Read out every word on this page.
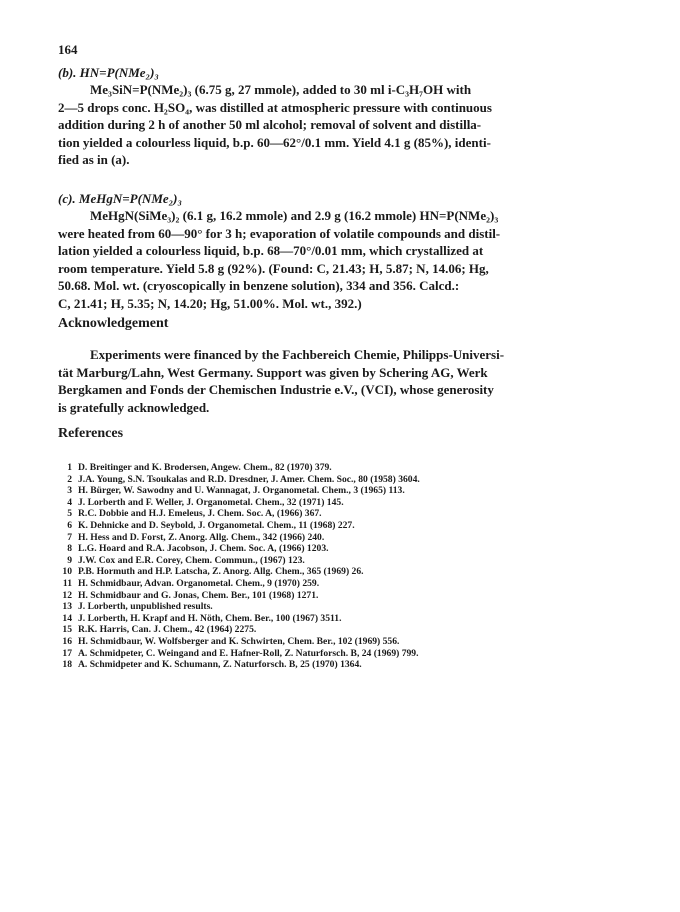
164
(b). HN=P(NMe₂)₃
Me₃SiN=P(NMe₂)₃ (6.75 g, 27 mmole), added to 30 ml i-C₃H₇OH with
2—5 drops conc. H₂SO₄, was distilled at atmospheric pressure with continuous
addition during 2 h of another 50 ml alcohol; removal of solvent and distilla-
tion yielded a colourless liquid, b.p. 60—62°/0.1 mm. Yield 4.1 g (85%), identi-
fied as in (a).
(c). MeHgN=P(NMe₂)₃
MeHgN(SiMe₃)₂ (6.1 g, 16.2 mmole) and 2.9 g (16.2 mmole) HN=P(NMe₂)₃
were heated from 60—90° for 3 h; evaporation of volatile compounds and distil-
lation yielded a colourless liquid, b.p. 68—70°/0.01 mm, which crystallized at
room temperature. Yield 5.8 g (92%). (Found: C, 21.43; H, 5.87; N, 14.06; Hg,
50.68. Mol. wt. (cryoscopically in benzene solution), 334 and 356. Calcd.:
C, 21.41; H, 5.35; N, 14.20; Hg, 51.00%. Mol. wt., 392.)
Acknowledgement
Experiments were financed by the Fachbereich Chemie, Philipps-Universi-
tät Marburg/Lahn, West Germany. Support was given by Schering AG, Werk
Bergkamen and Fonds der Chemischen Industrie e.V., (VCI), whose generosity
is gratefully acknowledged.
References
1 D. Breitinger and K. Brodersen, Angew. Chem., 82 (1970) 379.
2 J.A. Young, S.N. Tsoukalas and R.D. Dresdner, J. Amer. Chem. Soc., 80 (1958) 3604.
3 H. Bürger, W. Sawodny and U. Wannagat, J. Organometal. Chem., 3 (1965) 113.
4 J. Lorberth and F. Weller, J. Organometal. Chem., 32 (1971) 145.
5 R.C. Dobbie and H.J. Emeleus, J. Chem. Soc. A, (1966) 367.
6 K. Dehnicke and D. Seybold, J. Organometal. Chem., 11 (1968) 227.
7 H. Hess and D. Forst, Z. Anorg. Allg. Chem., 342 (1966) 240.
8 L.G. Hoard and R.A. Jacobson, J. Chem. Soc. A, (1966) 1203.
9 J.W. Cox and E.R. Corey, Chem. Commun., (1967) 123.
10 P.B. Hormuth and H.P. Latscha, Z. Anorg. Allg. Chem., 365 (1969) 26.
11 H. Schmidbaur, Advan. Organometal. Chem., 9 (1970) 259.
12 H. Schmidbaur and G. Jonas, Chem. Ber., 101 (1968) 1271.
13 J. Lorberth, unpublished results.
14 J. Lorberth, H. Krapf and H. Nöth, Chem. Ber., 100 (1967) 3511.
15 R.K. Harris, Can. J. Chem., 42 (1964) 2275.
16 H. Schmidbaur, W. Wolfsberger and K. Schwirten, Chem. Ber., 102 (1969) 556.
17 A. Schmidpeter, C. Weingand and E. Hafner-Roll, Z. Naturforsch. B, 24 (1969) 799.
18 A. Schmidpeter and K. Schumann, Z. Naturforsch. B, 25 (1970) 1364.
